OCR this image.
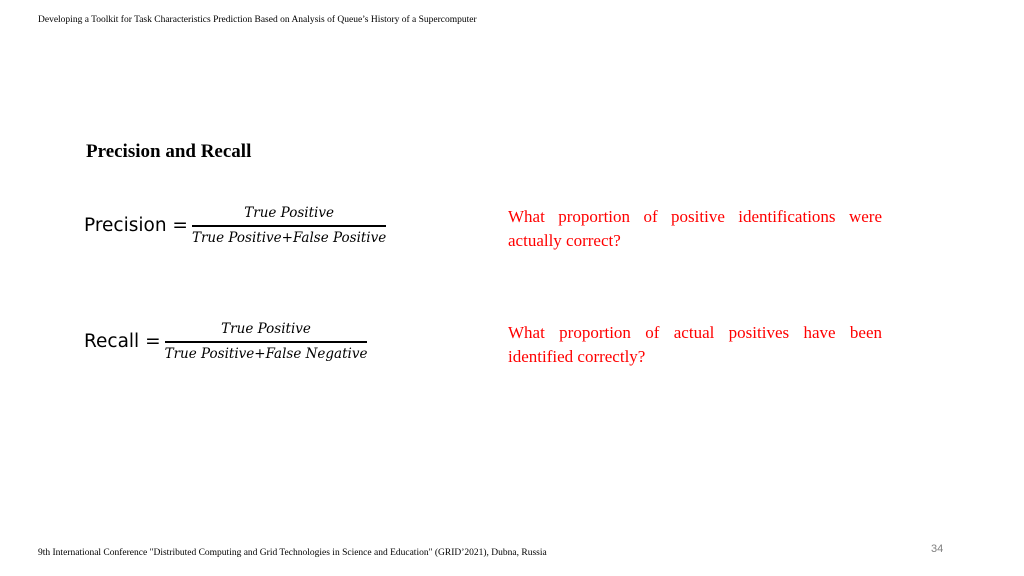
Developing a Toolkit for Task Characteristics Prediction Based on Analysis of Queue’s History of a Supercomputer
Precision and Recall
Precision = $\frac{\text{True Positive}}{\text{True Positive+False Positive}}$	What proportion of positive identifications were actually correct?
Recall = $\frac{\text{True Positive}}{\text{True Positive+False Negative}}$	What proportion of actual positives have been identified correctly?
9th International Conference "Distributed Computing and Grid Technologies in Science and Education" (GRID’2021), Dubna, Russia	34
